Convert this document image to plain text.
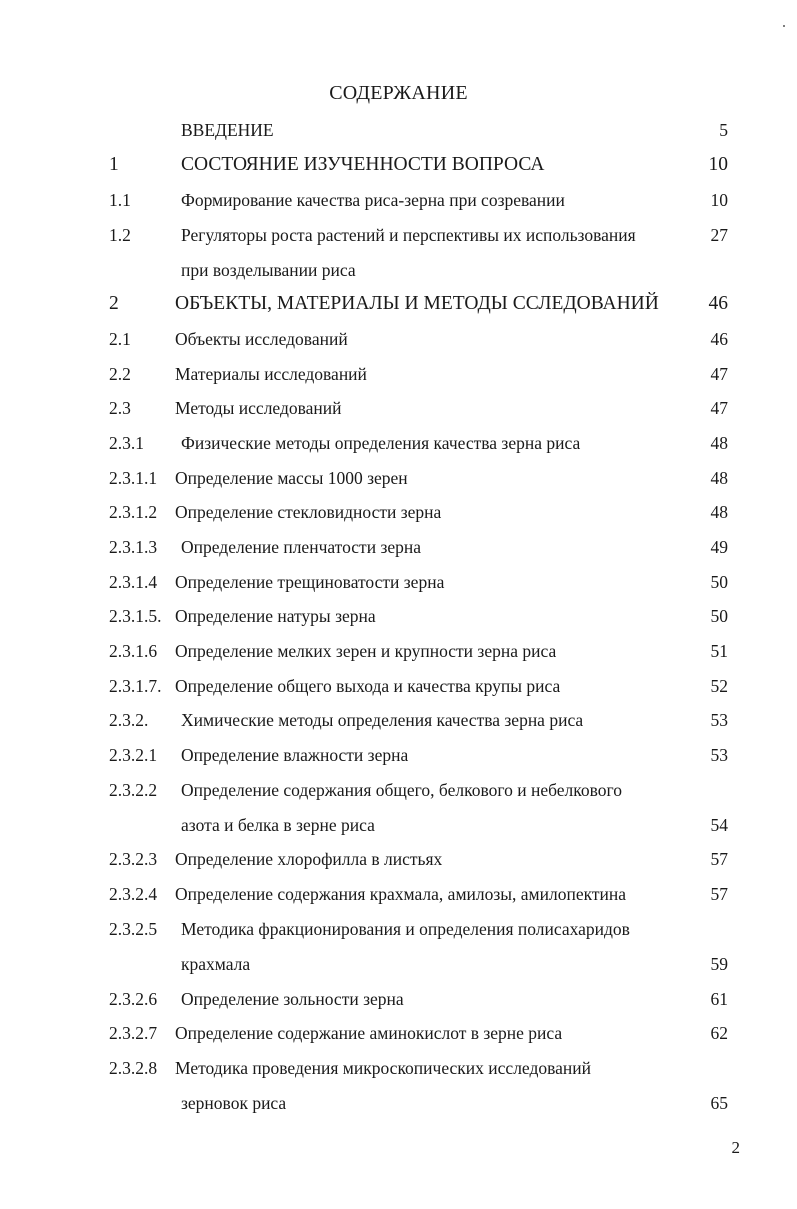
СОДЕРЖАНИЕ
ВВЕДЕНИЕ	5
1	СОСТОЯНИЕ ИЗУЧЕННОСТИ ВОПРОСА	10
1.1	Формирование качества риса-зерна при созревании	10
1.2	Регуляторы роста растений и перспективы их использования	27
при возделывании риса
2	ОБЪЕКТЫ, МАТЕРИАЛЫ И МЕТОДЫ ССЛЕДОВАНИЙ	46
2.1	Объекты исследований	46
2.2	Материалы исследований	47
2.3	Методы исследований	47
2.3.1 Физические методы определения качества зерна риса	48
2.3.1.1 Определение массы 1000 зерен	48
2.3.1.2 Определение стекловидности зерна	48
2.3.1.3 Определение пленчатости зерна	49
2.3.1.4 Определение трещиноватости зерна	50
2.3.1.5. Определение натуры зерна	50
2.3.1.6 Определение мелких зерен и крупности зерна риса	51
2.3.1.7. Определение общего выхода и качества крупы риса	52
2.3.2. Химические методы определения качества зерна риса	53
2.3.2.1 Определение влажности зерна	53
2.3.2.2 Определение содержания общего, белкового и небелкового
азота и белка в зерне риса	54
2.3.2.3 Определение хлорофилла в листьях	57
2.3.2.4 Определение содержания крахмала, амилозы, амилопектина	57
2.3.2.5 Методика фракционирования и определения полисахаридов
крахмала	59
2.3.2.6 Определение зольности зерна	61
2.3.2.7 Определение содержание аминокислот в зерне риса	62
2.3.2.8 Методика проведения микроскопических исследований
зерновок риса	65
2
